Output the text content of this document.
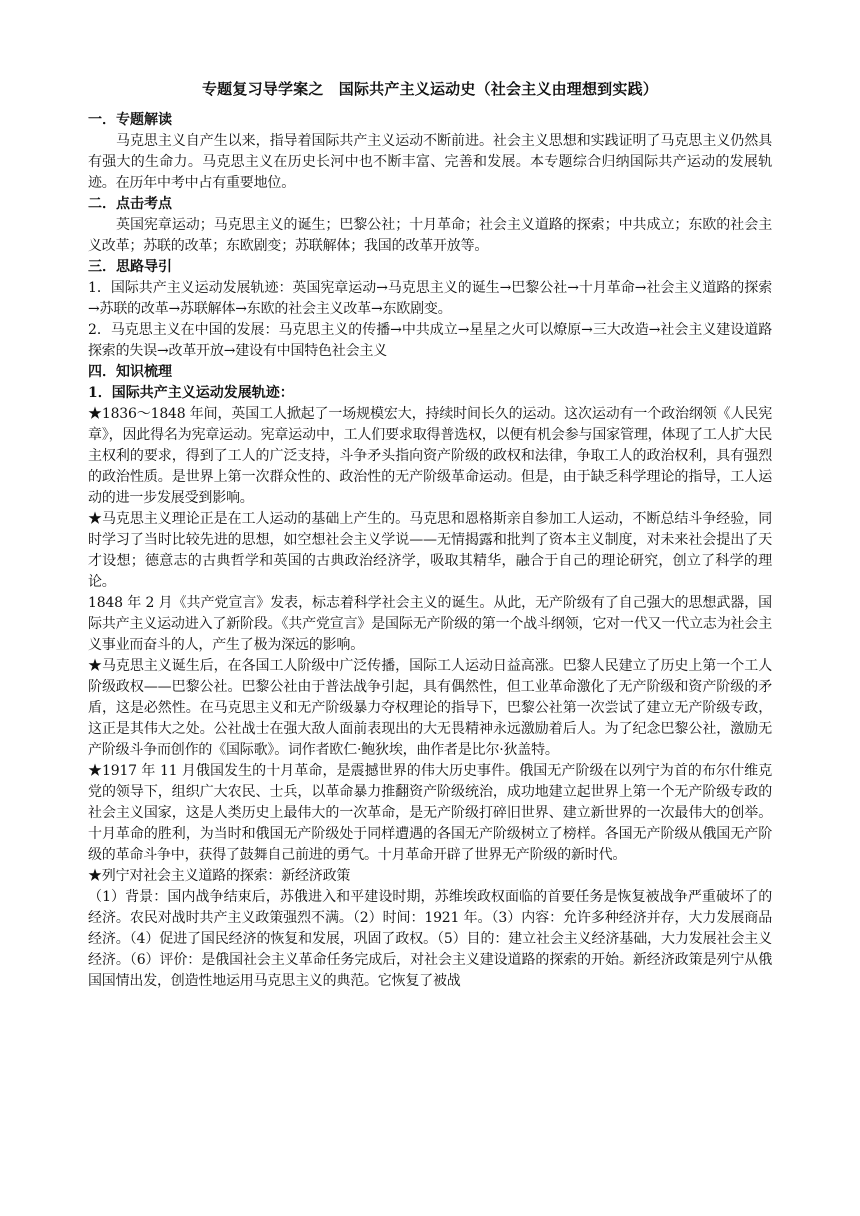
专题复习导学案之　国际共产主义运动史（社会主义由理想到实践）
一．专题解读

马克思主义自产生以来，指导着国际共产主义运动不断前进。社会主义思想和实践证明了马克思主义仍然具有强大的生命力。马克思主义在历史长河中也不断丰富、完善和发展。本专题综合归纳国际共产运动的发展轨迹。在历年中考中占有重要地位。

二．点击考点

英国宪章运动；马克思主义的诞生；巴黎公社；十月革命；社会主义道路的探索；中共成立；东欧的社会主义改革；苏联的改革；东欧剧变；苏联解体；我国的改革开放等。

三．思路导引

1．国际共产主义运动发展轨迹：英国宪章运动→马克思主义的诞生→巴黎公社→十月革命→社会主义道路的探索→苏联的改革→苏联解体→东欧的社会主义改革→东欧剧变。

2．马克思主义在中国的发展：马克思主义的传播→中共成立→星星之火可以燎原→三大改造→社会主义建设道路探索的失误→改革开放→建设有中国特色社会主义

四．知识梳理
1．国际共产主义运动发展轨迹：

★1836～1848 年间，英国工人掀起了一场规模宏大，持续时间长久的运动。这次运动有一个政治纲领《人民宪章》，因此得名为宪章运动。宪章运动中，工人们要求取得普选权，以便有机会参与国家管理，体现了工人扩大民主权利的要求，得到了工人的广泛支持，斗争矛头指向资产阶级的政权和法律，争取工人的政治权利，具有强烈的政治性质。是世界上第一次群众性的、政治性的无产阶级革命运动。但是，由于缺乏科学理论的指导，工人运动的进一步发展受到影响。

★马克思主义理论正是在工人运动的基础上产生的。马克思和恩格斯亲自参加工人运动，不断总结斗争经验，同时学习了当时比较先进的思想，如空想社会主义学说——无情揭露和批判了资本主义制度，对未来社会提出了天才设想；德意志的古典哲学和英国的古典政治经济学，吸取其精华，融合于自己的理论研究，创立了科学的理论。

1848 年 2 月《共产党宣言》发表，标志着科学社会主义的诞生。从此，无产阶级有了自己强大的思想武器，国际共产主义运动进入了新阶段。《共产党宣言》是国际无产阶级的第一个战斗纲领，它对一代又一代立志为社会主义事业而奋斗的人，产生了极为深远的影响。

★马克思主义诞生后，在各国工人阶级中广泛传播，国际工人运动日益高涨。巴黎人民建立了历史上第一个工人阶级政权——巴黎公社。巴黎公社由于普法战争引起，具有偶然性，但工业革命激化了无产阶级和资产阶级的矛盾，这是必然性。在马克思主义和无产阶级暴力夺权理论的指导下，巴黎公社第一次尝试了建立无产阶级专政，这正是其伟大之处。公社战士在强大敌人面前表现出的大无畏精神永远激励着后人。为了纪念巴黎公社，激励无产阶级斗争而创作的《国际歌》。词作者欧仁·鲍狄埃，曲作者是比尔·狄盖特。

★1917 年 11 月俄国发生的十月革命，是震撼世界的伟大历史事件。俄国无产阶级在以列宁为首的布尔什维克党的领导下，组织广大农民、士兵，以革命暴力推翻资产阶级统治，成功地建立起世界上第一个无产阶级专政的社会主义国家，这是人类历史上最伟大的一次革命，是无产阶级打碎旧世界、建立新世界的一次最伟大的创举。十月革命的胜利，为当时和俄国无产阶级处于同样遭遇的各国无产阶级树立了榜样。各国无产阶级从俄国无产阶级的革命斗争中，获得了鼓舞自己前进的勇气。十月革命开辟了世界无产阶级的新时代。

★列宁对社会主义道路的探索：新经济政策

（1）背景：国内战争结束后，苏俄进入和平建设时期，苏维埃政权面临的首要任务是恢复被战争严重破坏了的经济。农民对战时共产主义政策强烈不满。（2）时间：1921 年。（3）内容：允许多种经济并存，大力发展商品经济。（4）促进了国民经济的恢复和发展，巩固了政权。（5）目的：建立社会主义经济基础，大力发展社会主义经济。（6）评价：是俄国社会主义革命任务完成后，对社会主义建设道路的探索的开始。新经济政策是列宁从俄国国情出发，创造性地运用马克思主义的典范。它恢复了被战
